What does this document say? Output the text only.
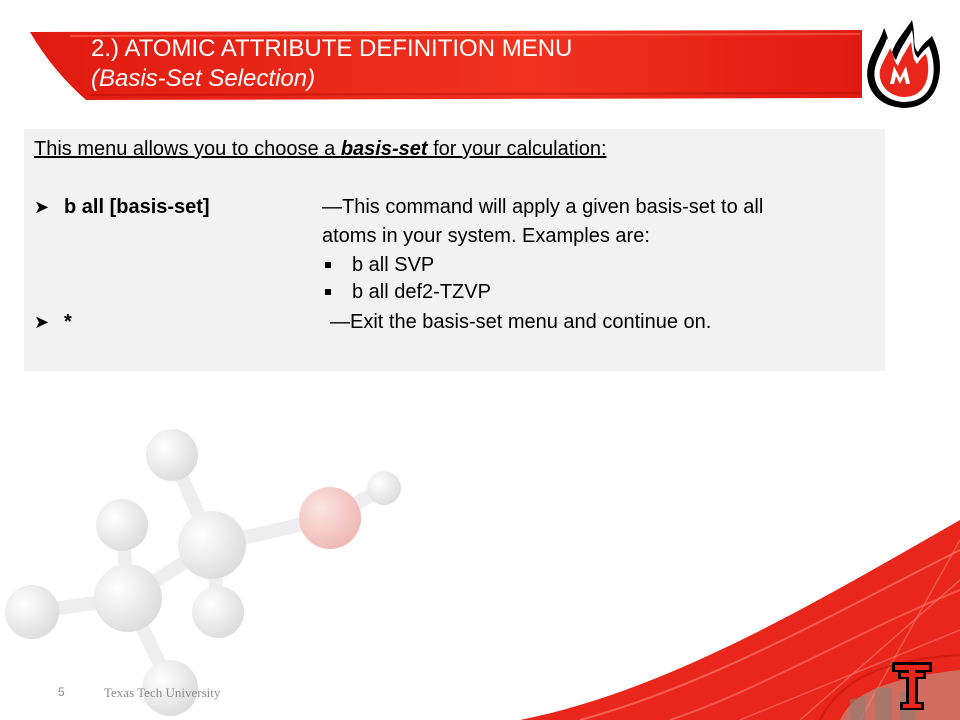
2.) ATOMIC ATTRIBUTE DEFINITION MENU
(Basis-Set Selection)
This menu allows you to choose a basis-set for your calculation:
➤ b all [basis-set]	—This command will apply a given basis-set to all
atoms in your system. Examples are:
b all SVP
b all def2-TZVP
➤ *	—Exit the basis-set menu and continue on.
5	Texas Tech University
